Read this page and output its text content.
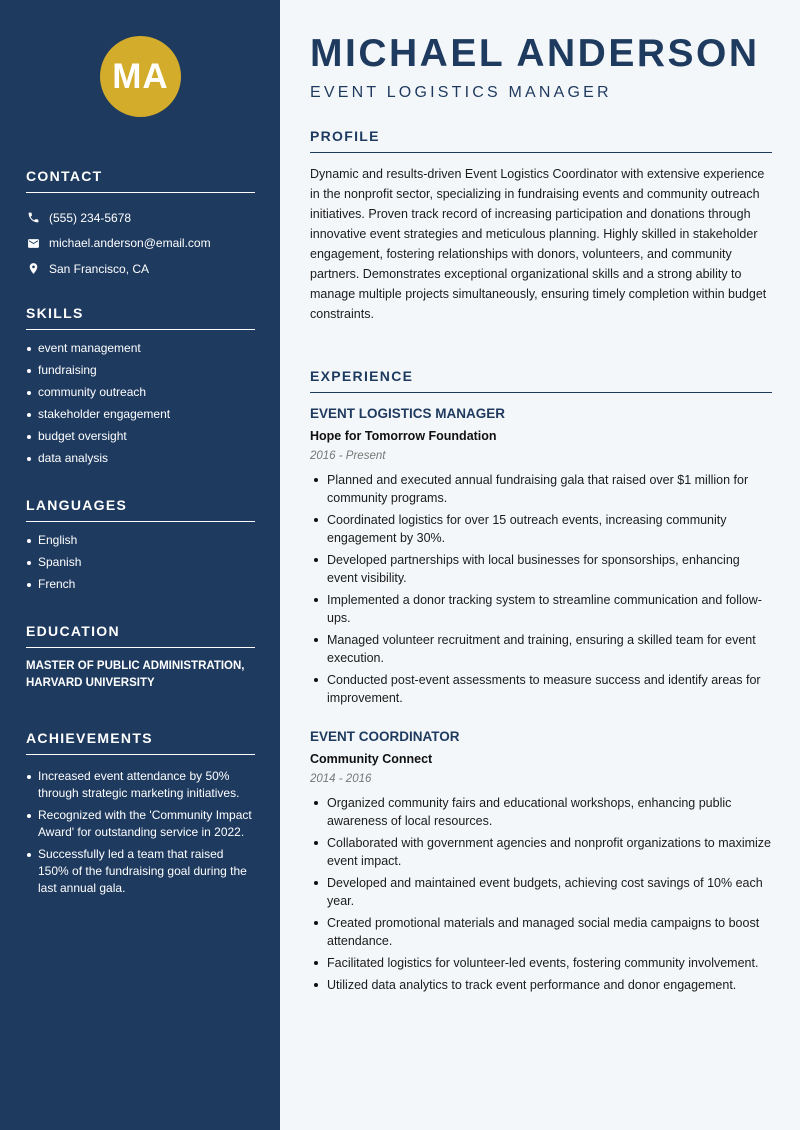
MA
CONTACT
(555) 234-5678
michael.anderson@email.com
San Francisco, CA
SKILLS
event management
fundraising
community outreach
stakeholder engagement
budget oversight
data analysis
LANGUAGES
English
Spanish
French
EDUCATION
MASTER OF PUBLIC ADMINISTRATION, HARVARD UNIVERSITY
ACHIEVEMENTS
Increased event attendance by 50% through strategic marketing initiatives.
Recognized with the 'Community Impact Award' for outstanding service in 2022.
Successfully led a team that raised 150% of the fundraising goal during the last annual gala.
MICHAEL ANDERSON
EVENT LOGISTICS MANAGER
PROFILE

Dynamic and results-driven Event Logistics Coordinator with extensive experience in the nonprofit sector, specializing in fundraising events and community outreach initiatives. Proven track record of increasing participation and donations through innovative event strategies and meticulous planning. Highly skilled in stakeholder engagement, fostering relationships with donors, volunteers, and community partners. Demonstrates exceptional organizational skills and a strong ability to manage multiple projects simultaneously, ensuring timely completion within budget constraints.

EXPERIENCE
EVENT LOGISTICS MANAGER
Hope for Tomorrow Foundation
2016 - Present
Planned and executed annual fundraising gala that raised over $1 million for community programs.
Coordinated logistics for over 15 outreach events, increasing community engagement by 30%.
Developed partnerships with local businesses for sponsorships, enhancing event visibility.
Implemented a donor tracking system to streamline communication and follow-ups.
Managed volunteer recruitment and training, ensuring a skilled team for event execution.
Conducted post-event assessments to measure success and identify areas for improvement.
EVENT COORDINATOR
Community Connect
2014 - 2016
Organized community fairs and educational workshops, enhancing public awareness of local resources.
Collaborated with government agencies and nonprofit organizations to maximize event impact.
Developed and maintained event budgets, achieving cost savings of 10% each year.
Created promotional materials and managed social media campaigns to boost attendance.
Facilitated logistics for volunteer-led events, fostering community involvement.
Utilized data analytics to track event performance and donor engagement.
